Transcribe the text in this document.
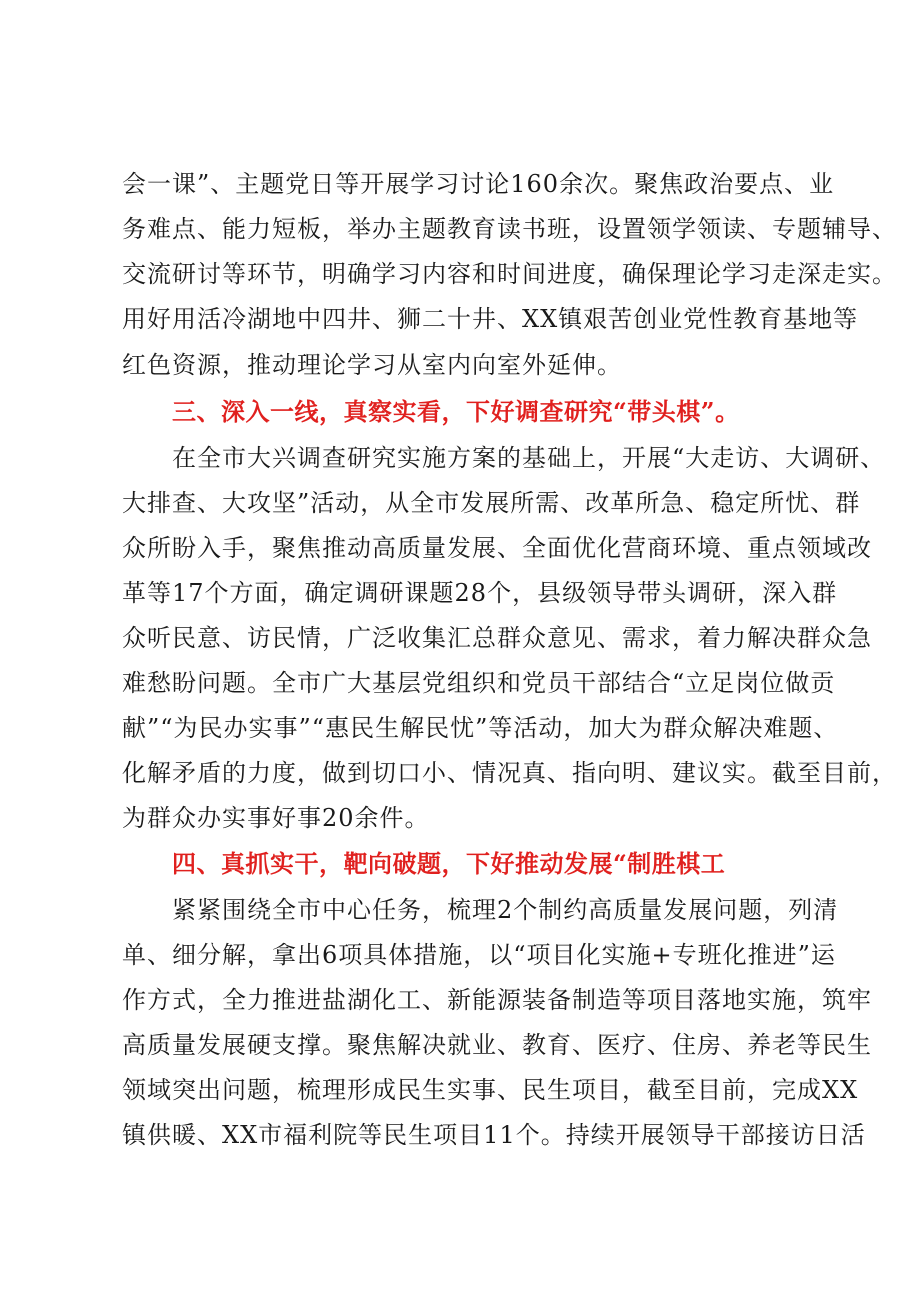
会一课”、主题党日等开展学习讨论160余次。聚焦政治要点、业
务难点、能力短板，举办主题教育读书班，设置领学领读、专题辅导、
交流研讨等环节，明确学习内容和时间进度，确保理论学习走深走实。
用好用活冷湖地中四井、狮二十井、XX镇艰苦创业党性教育基地等
红色资源，推动理论学习从室内向室外延伸。
三、深入一线，真察实看，下好调查研究“带头棋”。
在全市大兴调查研究实施方案的基础上，开展“大走访、大调研、
大排查、大攻坚”活动，从全市发展所需、改革所急、稳定所忧、群
众所盼入手，聚焦推动高质量发展、全面优化营商环境、重点领域改
革等17个方面，确定调研课题28个，县级领导带头调研，深入群
众听民意、访民情，广泛收集汇总群众意见、需求，着力解决群众急
难愁盼问题。全市广大基层党组织和党员干部结合“立足岗位做贡
献”“为民办实事”“惠民生解民忧”等活动，加大为群众解决难题、
化解矛盾的力度，做到切口小、情况真、指向明、建议实。截至目前，
为群众办实事好事20余件。
四、真抓实干，靶向破题，下好推动发展“制胜棋工
紧紧围绕全市中心任务，梳理2个制约高质量发展问题，列清
单、细分解，拿出6项具体措施，以“项目化实施+专班化推进”运
作方式，全力推进盐湖化工、新能源装备制造等项目落地实施，筑牢
高质量发展硬支撑。聚焦解决就业、教育、医疗、住房、养老等民生
领域突出问题，梳理形成民生实事、民生项目，截至目前，完成XX
镇供暖、XX市福利院等民生项目11个。持续开展领导干部接访日活
